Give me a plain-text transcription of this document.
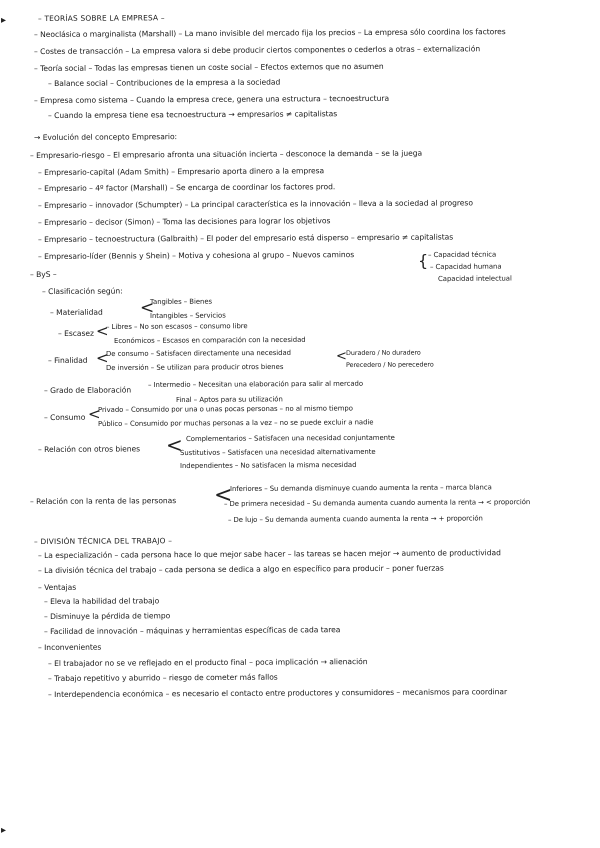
– TEORÍAS SOBRE LA EMPRESA –
– Neoclásica o marginalista (Marshall) – La mano invisible del mercado fija los precios – La empresa sólo coordina los factores
– Costes de transacción – La empresa valora si debe producir ciertos componentes o cederlos a otras – externalización
– Teoría social – Todas las empresas tienen un coste social – Efectos externos que no asumen
– Balance social – Contribuciones de la empresa a la sociedad
– Empresa como sistema – Cuando la empresa crece, genera una estructura – tecnoestructura
– Cuando la empresa tiene esa tecnoestructura → empresarios ≠ capitalistas
→ Evolución del concepto Empresario:
– Empresario-riesgo – El empresario afronta una situación incierta – desconoce la demanda – se la juega
– Empresario-capital (Adam Smith) – Empresario aporta dinero a la empresa
– Empresario – 4º factor (Marshall) – Se encarga de coordinar los factores prod.
– Empresario – innovador (Schumpter) – La principal característica es la innovación – lleva a la sociedad al progreso
– Empresario – decisor (Simon) – Toma las decisiones para lograr los objetivos
– Empresario – tecnoestructura (Galbraith) – El poder del empresario está disperso – empresario ≠ capitalistas
– Empresario-líder (Bennis y Shein) – Motiva y cohesiona al grupo – Nuevos caminos	{ – Capacidad técnica
– Capacidad humana
Capacidad intelectual
– ByS –
– Clasificación según:
– Materialidad <
Tangibles – Bienes
Intangibles – Servicios
– Escasez <
– Libres – No son escasos – consumo libre
Económicos – Escasos en comparación con la necesidad
– Finalidad <
De consumo – Satisfacen directamente una necesidad
De inversión – Se utilizan para producir otros bienes
< Duradero / No duradero
Perecedero / No perecedero
– Grado de Elaboración
– Intermedio – Necesitan una elaboración para salir al mercado
Final – Aptos para su utilización
– Consumo <
Privado – Consumido por una o unas pocas personas – no al mismo tiempo
Público – Consumido por muchas personas a la vez – no se puede excluir a nadie
– Relación con otros bienes < Complementarios – Satisfacen una necesidad conjuntamente
Sustitutivos – Satisfacen una necesidad alternativamente
Independientes – No satisfacen la misma necesidad
– Relación con la renta de las personas <
Inferiores – Su demanda disminuye cuando aumenta la renta – marca blanca
– De primera necesidad – Su demanda aumenta cuando aumenta la renta → < proporción
– De lujo – Su demanda aumenta cuando aumenta la renta → + proporción
– DIVISIÓN TÉCNICA DEL TRABAJO –
– La especialización – cada persona hace lo que mejor sabe hacer – las tareas se hacen mejor → aumento de productividad
– La división técnica del trabajo – cada persona se dedica a algo en específico para producir – poner fuerzas
– Ventajas
– Eleva la habilidad del trabajo
– Disminuye la pérdida de tiempo
– Facilidad de innovación – máquinas y herramientas específicas de cada tarea
– Inconvenientes
– El trabajador no se ve reflejado en el producto final – poca implicación → alienación
– Trabajo repetitivo y aburrido – riesgo de cometer más fallos
– Interdependencia económica – es necesario el contacto entre productores y consumidores – mecanismos para coordinar
▸
▸
